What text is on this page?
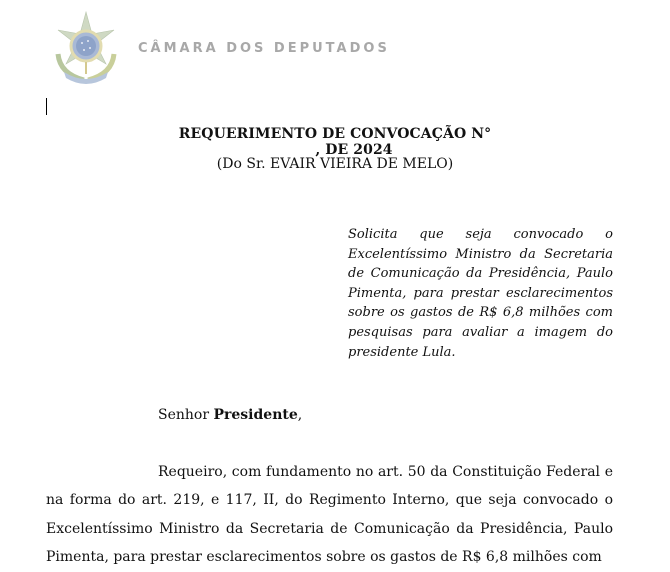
CÂMARA DOS DEPUTADOS
REQUERIMENTO DE CONVOCAÇÃO N°
, DE 2024
(Do Sr. EVAIR VIEIRA DE MELO)
Solicita que seja convocado o Excelentíssimo Ministro da Secretaria de Comunicação da Presidência, Paulo Pimenta, para prestar esclarecimentos sobre os gastos de R$ 6,8 milhões com pesquisas para avaliar a imagem do presidente Lula.
Senhor Presidente,
Requeiro, com fundamento no art. 50 da Constituição Federal e na forma do art. 219, e 117, II, do Regimento Interno, que seja convocado o Excelentíssimo Ministro da Secretaria de Comunicação da Presidência, Paulo Pimenta, para prestar esclarecimentos sobre os gastos de R$ 6,8 milhões com
